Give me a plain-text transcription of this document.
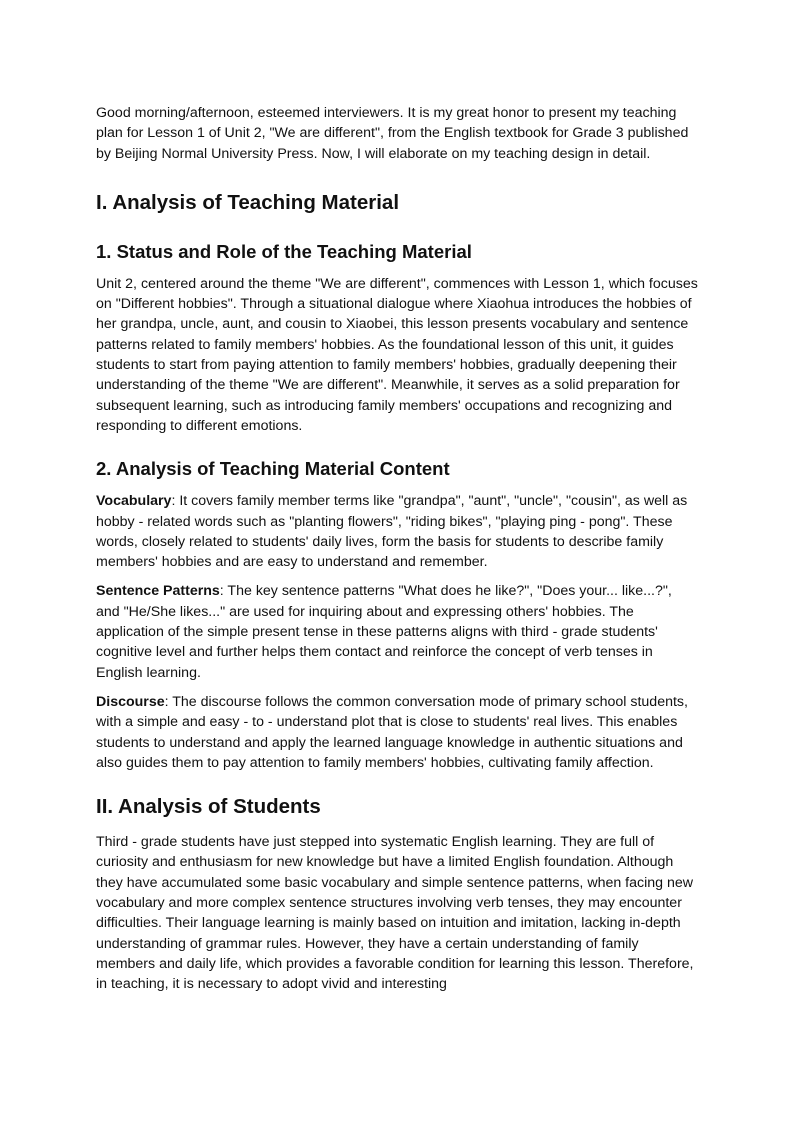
Good morning/afternoon, esteemed interviewers. It is my great honor to present my teaching plan for Lesson 1 of Unit 2, "We are different", from the English textbook for Grade 3 published by Beijing Normal University Press. Now, I will elaborate on my teaching design in detail.

I. Analysis of Teaching Material
1. Status and Role of the Teaching Material

Unit 2, centered around the theme "We are different", commences with Lesson 1, which focuses on "Different hobbies". Through a situational dialogue where Xiaohua introduces the hobbies of her grandpa, uncle, aunt, and cousin to Xiaobei, this lesson presents vocabulary and sentence patterns related to family members' hobbies. As the foundational lesson of this unit, it guides students to start from paying attention to family members' hobbies, gradually deepening their understanding of the theme "We are different". Meanwhile, it serves as a solid preparation for subsequent learning, such as introducing family members' occupations and recognizing and responding to different emotions.

2. Analysis of Teaching Material Content

Vocabulary: It covers family member terms like "grandpa", "aunt", "uncle", "cousin", as well as hobby - related words such as "planting flowers", "riding bikes", "playing ping - pong". These words, closely related to students' daily lives, form the basis for students to describe family members' hobbies and are easy to understand and remember.

Sentence Patterns: The key sentence patterns "What does he like?", "Does your... like...?", and "He/She likes..." are used for inquiring about and expressing others' hobbies. The application of the simple present tense in these patterns aligns with third - grade students' cognitive level and further helps them contact and reinforce the concept of verb tenses in English learning.

Discourse: The discourse follows the common conversation mode of primary school students, with a simple and easy - to - understand plot that is close to students' real lives. This enables students to understand and apply the learned language knowledge in authentic situations and also guides them to pay attention to family members' hobbies, cultivating family affection.

II. Analysis of Students

Third - grade students have just stepped into systematic English learning. They are full of curiosity and enthusiasm for new knowledge but have a limited English foundation. Although they have accumulated some basic vocabulary and simple sentence patterns, when facing new vocabulary and more complex sentence structures involving verb tenses, they may encounter difficulties. Their language learning is mainly based on intuition and imitation, lacking in-depth understanding of grammar rules. However, they have a certain understanding of family members and daily life, which provides a favorable condition for learning this lesson. Therefore, in teaching, it is necessary to adopt vivid and interesting
